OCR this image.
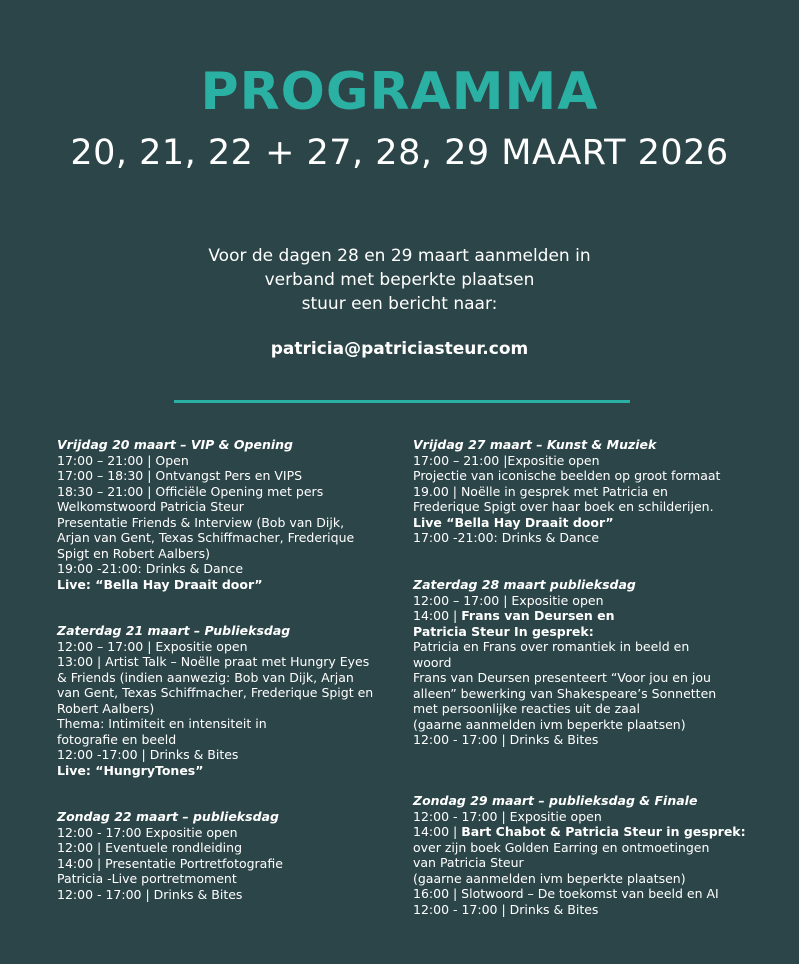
PROGRAMMA
20, 21, 22 + 27, 28, 29 MAART 2026
Voor de dagen 28 en 29 maart aanmelden in
verband met beperkte plaatsen
stuur een bericht naar:
patricia@patriciasteur.com
Vrijdag 20 maart – VIP & Opening
17:00 – 21:00 | Open
17:00 – 18:30 | Ontvangst Pers en VIPS
18:30 – 21:00 | Officiële Opening met pers
Welkomstwoord Patricia Steur
Presentatie Friends & Interview (Bob van Dijk,
Arjan van Gent, Texas Schiffmacher, Frederique
Spigt en Robert Aalbers)
19:00 -21:00: Drinks & Dance
Live: “Bella Hay Draait door”
Zaterdag 21 maart – Publieksdag
12:00 – 17:00 | Expositie open
13:00 | Artist Talk – Noëlle praat met Hungry Eyes
& Friends (indien aanwezig: Bob van Dijk, Arjan
van Gent, Texas Schiffmacher, Frederique Spigt en
Robert Aalbers)
Thema: Intimiteit en intensiteit in
fotografie en beeld
12:00 -17:00 | Drinks & Bites
Live: “HungryTones”
Zondag 22 maart – publieksdag
12:00 - 17:00 Expositie open
12:00 | Eventuele rondleiding
14:00 | Presentatie Portretfotografie
Patricia -Live portretmoment
12:00 - 17:00 | Drinks & Bites
Vrijdag 27 maart – Kunst & Muziek
17:00 – 21:00 |Expositie open
Projectie van iconische beelden op groot formaat
19.00 | Noëlle in gesprek met Patricia en
Frederique Spigt over haar boek en schilderijen.
Live “Bella Hay Draait door”
17:00 -21:00: Drinks & Dance
Zaterdag 28 maart publieksdag
12:00 – 17:00 | Expositie open
14:00 | Frans van Deursen en
Patricia Steur In gesprek:
Patricia en Frans over romantiek in beeld en
woord
Frans van Deursen presenteert “Voor jou en jou
alleen” bewerking van Shakespeare’s Sonnetten
met persoonlijke reacties uit de zaal
(gaarne aanmelden ivm beperkte plaatsen)
12:00 - 17:00 | Drinks & Bites
Zondag 29 maart – publieksdag & Finale
12:00 - 17:00 | Expositie open
14:00 | Bart Chabot & Patricia Steur in gesprek:
over zijn boek Golden Earring en ontmoetingen
van Patricia Steur
(gaarne aanmelden ivm beperkte plaatsen)
16:00 | Slotwoord – De toekomst van beeld en AI
12:00 - 17:00 | Drinks & Bites
